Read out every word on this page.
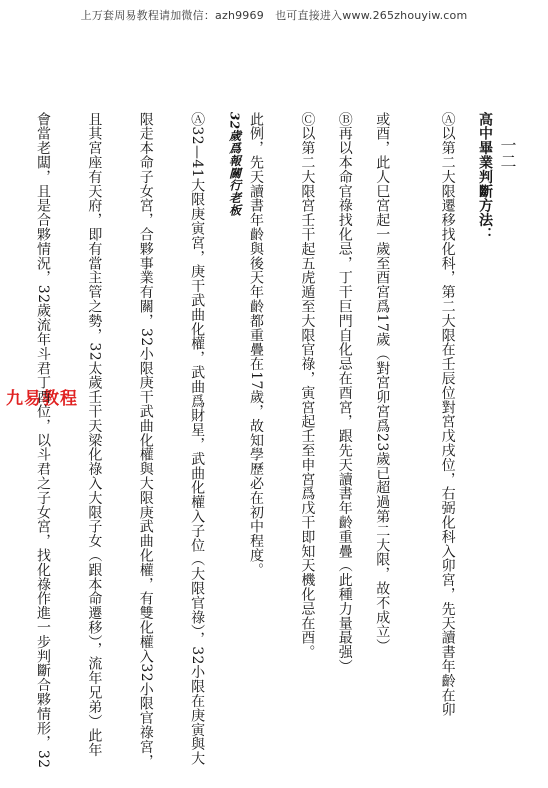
上万套周易教程请加微信：azh9969　也可直接进入www.265zhouyiw.com
九易教程
一二
高中畢業判斷方法：
Ⓐ以第二大限遷移找化科，第二大限在壬辰位對宮戊戌位，右弼化科入卯宮，先天讀書年齡在卯
或酉，此人巳宮起一歲至酉宮爲17歲（對宮卯宮爲23歲已超過第二大限，故不成立）
Ⓑ再以本命官祿找化忌，丁干巨門自化忌在酉宮，跟先天讀書年齡重疊（此種力量最强）
Ⓒ以第二大限宮壬干起五虎遁至大限官祿，寅宮起壬至申宮爲戊干即知天機化忌在酉。
此例，先天讀書年齡與後天年齡都重疊在17歲，故知學歷必在初中程度。
32歲爲報關行老板
Ⓐ32—41大限庚寅宮，庚干武曲化權，武曲爲財星，武曲化權入子位（大限官祿），32小限在庚寅與大
限走本命子女宮，合夥事業有關，32小限庚干武曲化權與大限庚武曲化權，有雙化權入32小限官祿宮，
且其宮座有天府，即有當主管之勢，32太歲壬干天梁化祿入大限子女（跟本命遷移），流年兄弟）此年
會當老闆，且是合夥情況，32歲流年斗君丁酉位，以斗君之子女宮，找化祿作進一步判斷合夥情形，32
